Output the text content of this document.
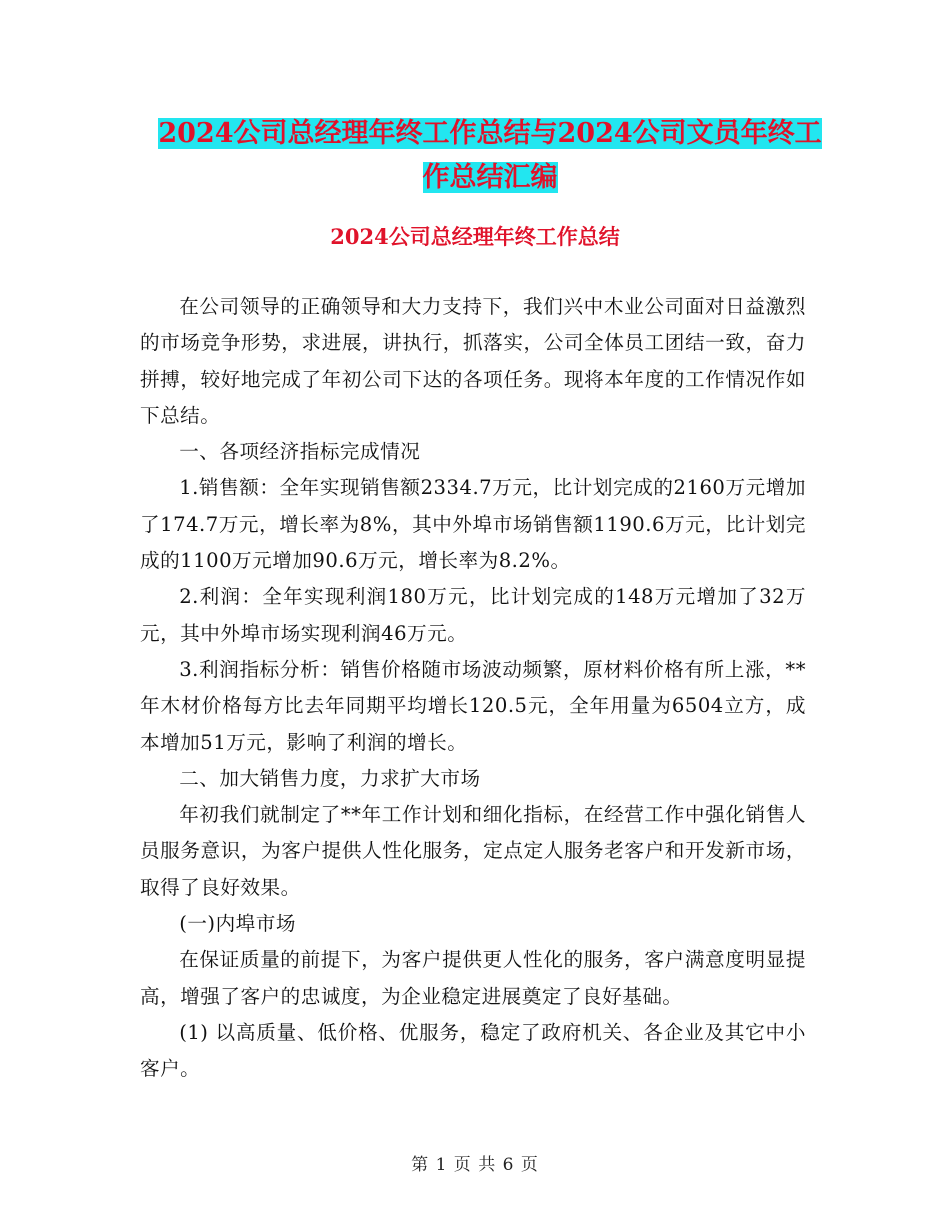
2024公司总经理年终工作总结与2024公司文员年终工
作总结汇编
2024公司总经理年终工作总结

在公司领导的正确领导和大力支持下，我们兴中木业公司面对日益激烈的市场竞争形势，求进展，讲执行，抓落实，公司全体员工团结一致，奋力拼搏，较好地完成了年初公司下达的各项任务。现将本年度的工作情况作如下总结。

一、各项经济指标完成情况

1.销售额：全年实现销售额2334.7万元，比计划完成的2160万元增加了174.7万元，增长率为8%，其中外埠市场销售额1190.6万元，比计划完成的1100万元增加90.6万元，增长率为8.2%。

2.利润：全年实现利润180万元，比计划完成的148万元增加了32万元，其中外埠市场实现利润46万元。

3.利润指标分析：销售价格随市场波动频繁，原材料价格有所上涨，**年木材价格每方比去年同期平均增长120.5元，全年用量为6504立方，成本增加51万元，影响了利润的增长。

二、加大销售力度，力求扩大市场

年初我们就制定了**年工作计划和细化指标，在经营工作中强化销售人员服务意识，为客户提供人性化服务，定点定人服务老客户和开发新市场，取得了良好效果。

(一)内埠市场

在保证质量的前提下，为客户提供更人性化的服务，客户满意度明显提高，增强了客户的忠诚度，为企业稳定进展奠定了良好基础。

(1) 以高质量、低价格、优服务，稳定了政府机关、各企业及其它中小客户。

第 1 页 共 6 页
